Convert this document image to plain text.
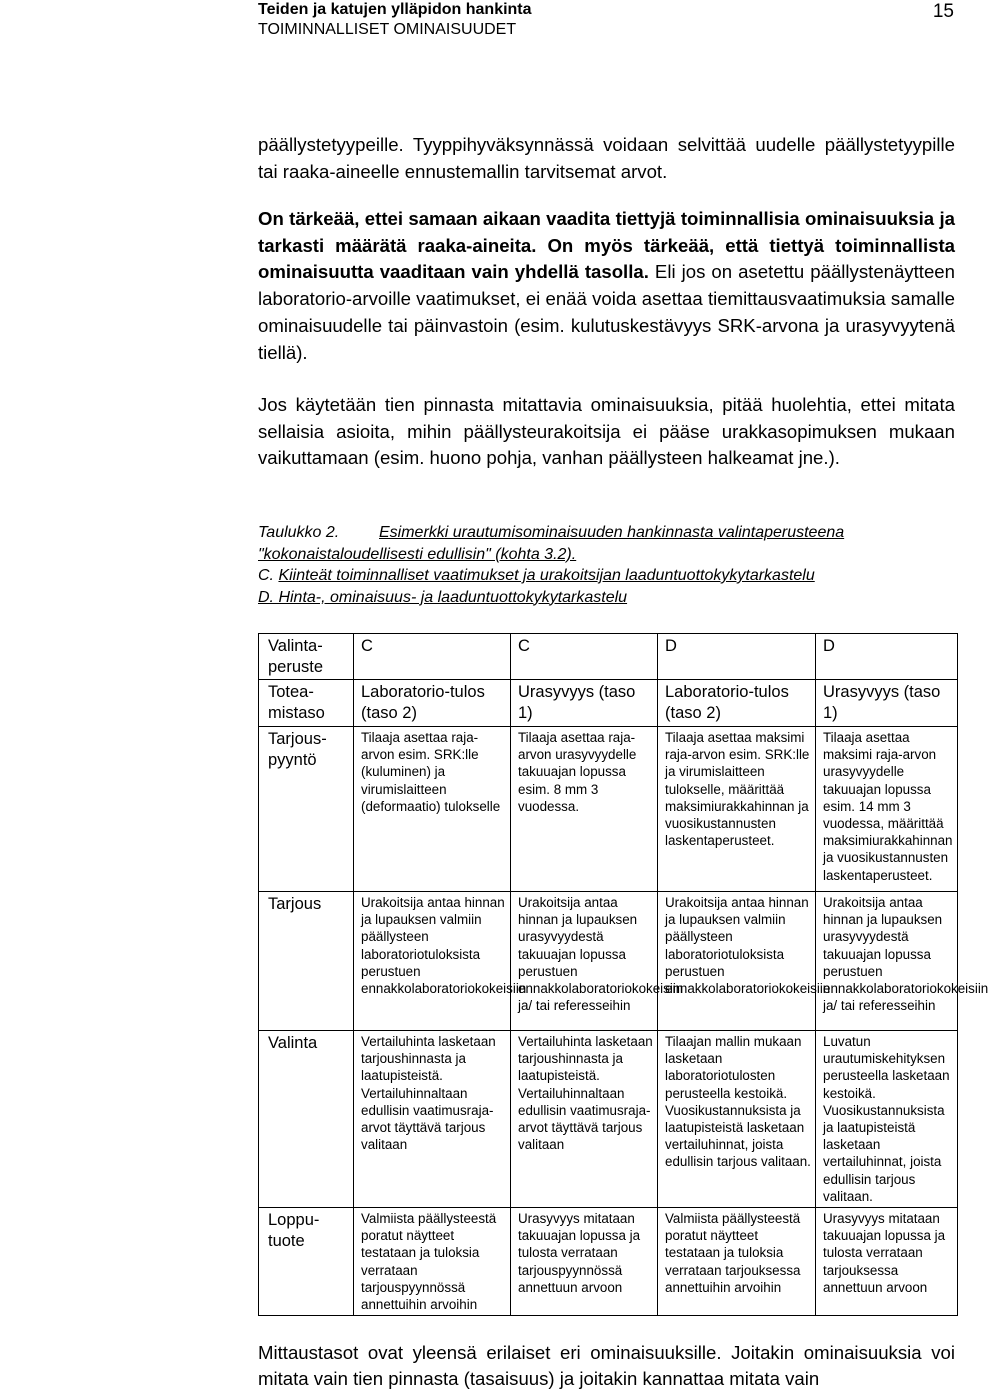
Teiden ja katujen ylläpidon hankinta
TOIMINNALLISET OMINAISUUDET
15
päällystetyypeille. Tyyppihyväksynnässä voidaan selvittää uudelle päällystetyypille tai raaka-aineelle ennustemallin tarvitsemat arvot.
On tärkeää, ettei samaan aikaan vaadita tiettyjä toiminnallisia ominaisuuksia ja tarkasti määrätä raaka-aineita. On myös tärkeää, että tiettyä toiminnallista ominaisuutta vaaditaan vain yhdellä tasolla. Eli jos on asetettu päällystenäytteen laboratorio-arvoille vaatimukset, ei enää voida asettaa tiemittausvaatimuksia samalle ominaisuudelle tai päinvastoin (esim. kulutuskestävyys SRK-arvona ja urasyvyytenä tiellä).
Jos käytetään tien pinnasta mitattavia ominaisuuksia, pitää huolehtia, ettei mitata sellaisia asioita, mihin päällysteurakoitsija ei pääse urakkasopimuksen mukaan vaikuttamaan (esim. huono pohja, vanhan päällysteen halkeamat jne.).
Taulukko 2. Esimerkki urautumisominaisuuden hankinnasta valintaperusteena
"kokonaistaloudellisesti edullisin" (kohta 3.2).
C. Kiinteät toiminnalliset vaatimukset ja urakoitsijan laaduntuottokykytarkastelu
D. Hinta-, ominaisuus- ja laaduntuottokykytarkastelu
Valinta-peruste	C	C	D	D
Totea-mistaso	Laboratorio-tulos (taso 2)	Urasyvyys (taso 1)	Laboratorio-tulos (taso 2)	Urasyvyys (taso 1)
Tarjous-pyyntö	Tilaaja asettaa raja-arvon esim. SRK:lle (kuluminen) ja virumislaitteen (deformaatio) tulokselle	Tilaaja asettaa raja-arvon urasyvyydelle takuuajan lopussa esim. 8 mm 3 vuodessa.	Tilaaja asettaa maksimi raja-arvon esim. SRK:lle ja virumislaitteen tulokselle, määrittää maksimiurakkahinnan ja vuosikustannusten laskentaperusteet.	Tilaaja asettaa maksimi raja-arvon urasyvyydelle takuuajan lopussa esim. 14 mm 3 vuodessa, määrittää maksimiurakkahinnan ja vuosikustannusten laskentaperusteet.
Tarjous	Urakoitsija antaa hinnan ja lupauksen valmiin päällysteen laboratoriotuloksista perustuen ennakkolaboratoriokokeisiin	Urakoitsija antaa hinnan ja lupauksen urasyvyydestä takuuajan lopussa perustuen ennakkolaboratoriokokeisiin ja/ tai referesseihin	Urakoitsija antaa hinnan ja lupauksen valmiin päällysteen laboratoriotuloksista perustuen ennakkolaboratoriokokeisiin	Urakoitsija antaa hinnan ja lupauksen urasyvyydestä takuuajan lopussa perustuen ennakkolaboratoriokokeisiin ja/ tai referesseihin
Valinta	Vertailuhinta lasketaan tarjoushinnasta ja laatupisteistä. Vertailuhinnaltaan edullisin vaatimusraja-arvot täyttävä tarjous valitaan	Vertailuhinta lasketaan tarjoushinnasta ja laatupisteistä. Vertailuhinnaltaan edullisin vaatimusraja-arvot täyttävä tarjous valitaan	Tilaajan mallin mukaan lasketaan laboratoriotulosten perusteella kestoikä. Vuosikustannuksista ja laatupisteistä lasketaan vertailuhinnat, joista edullisin tarjous valitaan.	Luvatun urautumiskehityksen perusteella lasketaan kestoikä. Vuosikustannuksista ja laatupisteistä lasketaan vertailuhinnat, joista edullisin tarjous valitaan.
Loppu-tuote	Valmiista päällysteestä poratut näytteet testataan ja tuloksia verrataan tarjouspyynnössä annettuihin arvoihin	Urasyvyys mitataan takuuajan lopussa ja tulosta verrataan tarjouspyynnössä annettuun arvoon	Valmiista päällysteestä poratut näytteet testataan ja tuloksia verrataan tarjouksessa annettuihin arvoihin	Urasyvyys mitataan takuuajan lopussa ja tulosta verrataan tarjouksessa annettuun arvoon
Mittaustasot ovat yleensä erilaiset eri ominaisuuksille. Joitakin ominaisuuksia voi mitata vain tien pinnasta (tasaisuus) ja joitakin kannattaa mitata vain
